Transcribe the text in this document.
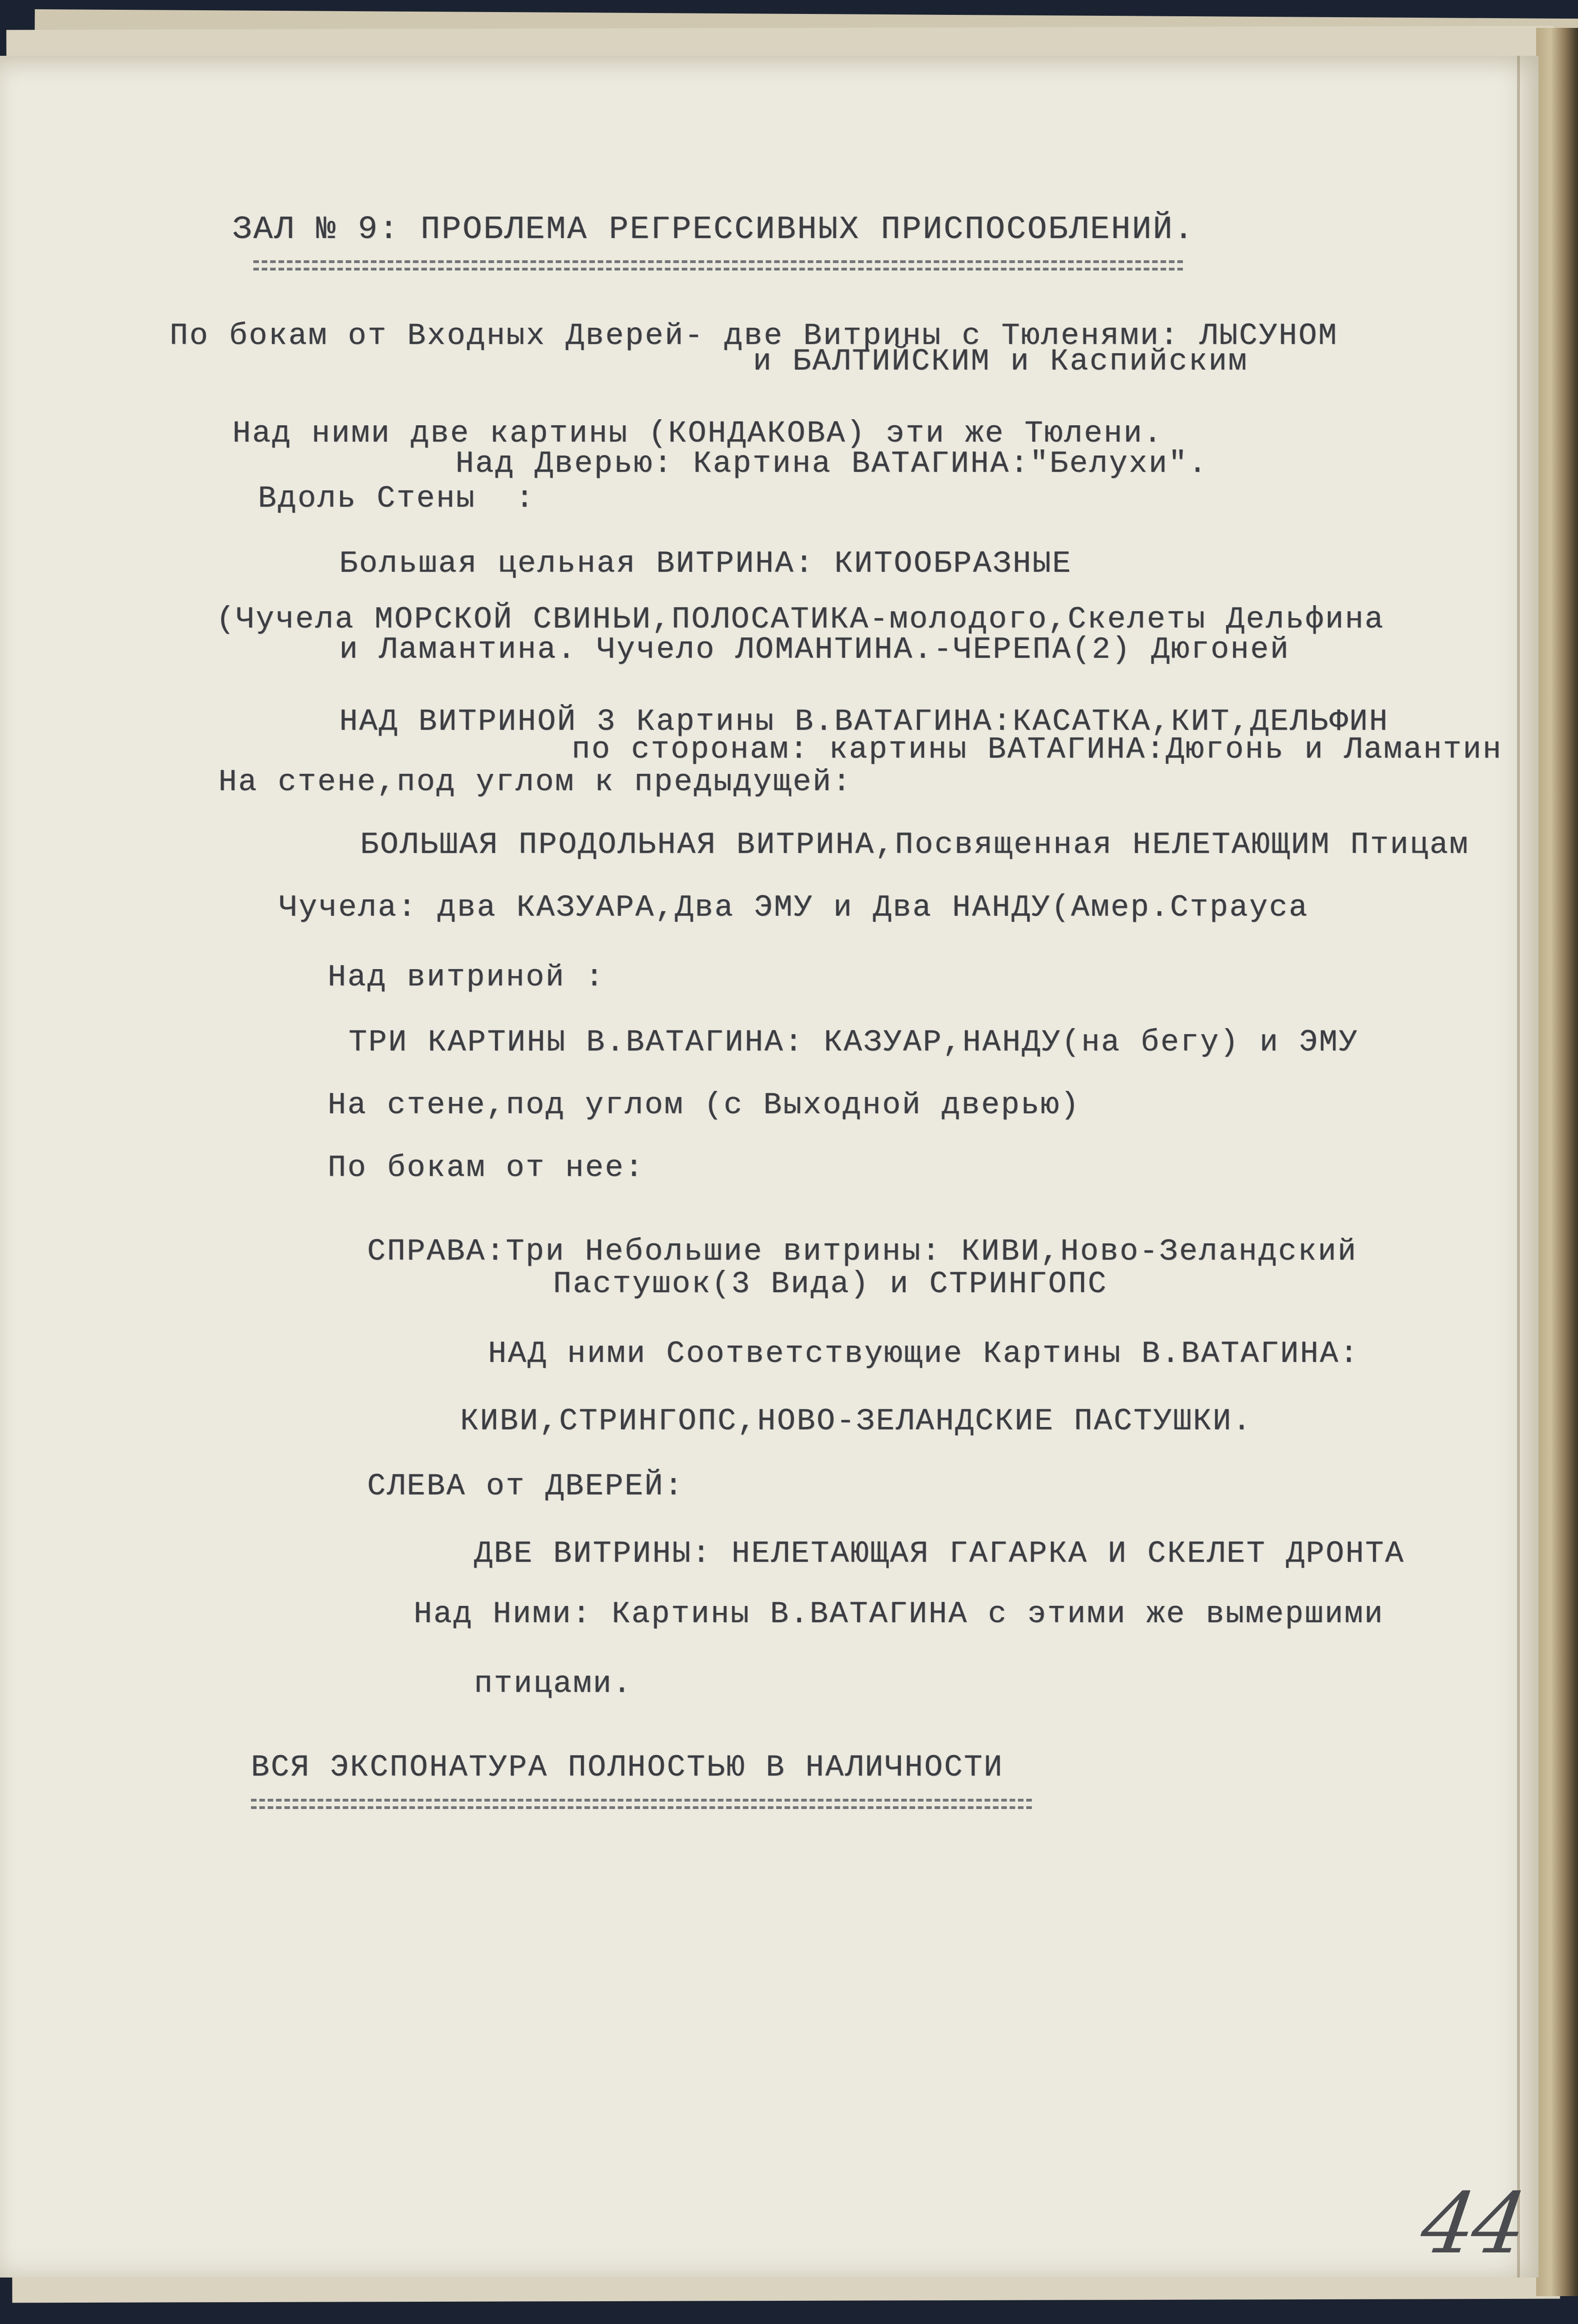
ЗАЛ № 9: ПРОБЛЕМА РЕГРЕССИВНЫХ ПРИСПОСОБЛЕНИЙ.
По бокам от Входных Дверей- две Витрины с Тюленями: ЛЫСУНОМ
и БАЛТИЙСКИМ и Каспийским
Над ними две картины (КОНДАКОВА) эти же Тюлени.
Над Дверью: Картина ВАТАГИНА:"Белухи".
Вдоль Стены  :
Большая цельная ВИТРИНА: КИТООБРАЗНЫЕ
(Чучела МОРСКОЙ СВИНЬИ,ПОЛОСАТИКА-молодого,Скелеты Дельфина
и Ламантина. Чучело ЛОМАНТИНА.-ЧЕРЕПА(2) Дюгоней
НАД ВИТРИНОЙ 3 Картины В.ВАТАГИНА:КАСАТКА,КИТ,ДЕЛЬФИН
по сторонам: картины ВАТАГИНА:Дюгонь и Ламантин
На стене,под углом к предыдущей:
БОЛЬШАЯ ПРОДОЛЬНАЯ ВИТРИНА,Посвященная НЕЛЕТАЮЩИМ Птицам
Чучела: два КАЗУАРА,Два ЭМУ и Два НАНДУ(Амер.Страуса
Над витриной :
ТРИ КАРТИНЫ В.ВАТАГИНА: КАЗУАР,НАНДУ(на бегу) и ЭМУ
На стене,под углом (с Выходной дверью)
По бокам от нее:
СПРАВА:Три Небольшие витрины: КИВИ,Ново-Зеландский
Пастушок(3 Вида) и СТРИНГОПС
НАД ними Соответствующие Картины В.ВАТАГИНА:
КИВИ,СТРИНГОПС,НОВО-ЗЕЛАНДСКИЕ ПАСТУШКИ.
СЛЕВА от ДВЕРЕЙ:
ДВЕ ВИТРИНЫ: НЕЛЕТАЮЩАЯ ГАГАРКА И СКЕЛЕТ ДРОНТА
Над Ними: Картины В.ВАТАГИНА с этими же вымершими
птицами.
ВСЯ ЭКСПОНАТУРА ПОЛНОСТЬЮ В НАЛИЧНОСТИ
44
